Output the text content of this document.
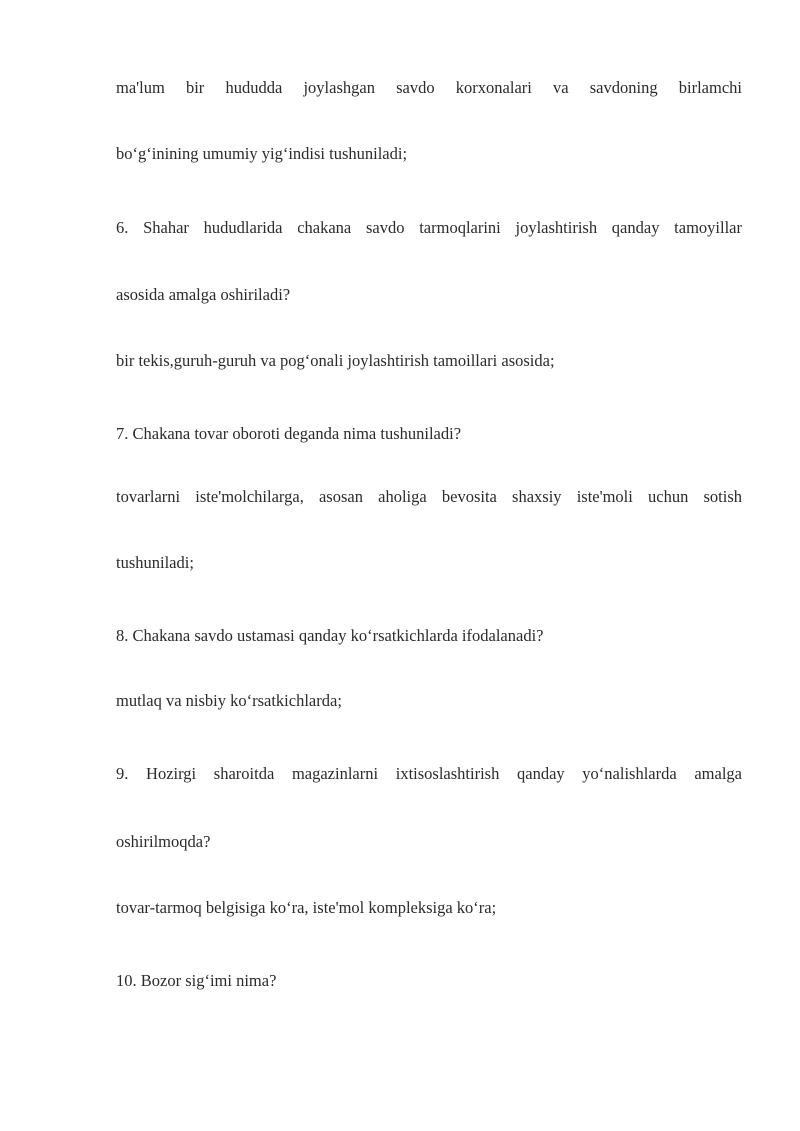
ma'lum bir hududda joylashgan savdo korxonalari va savdoning birlamchi
bo‘g‘inining umumiy yig‘indisi tushuniladi;
6. Shahar hududlarida chakana savdo tarmoqlarini joylashtirish qanday tamoyillar
asosida amalga oshiriladi?
bir tekis,guruh-guruh va pog‘onali joylashtirish tamoillari asosida;
7. Chakana tovar oboroti deganda nima tushuniladi?
tovarlarni iste'molchilarga, asosan aholiga bevosita shaxsiy iste'moli uchun sotish
tushuniladi;
8. Chakana savdo ustamasi qanday ko‘rsatkichlarda ifodalanadi?
mutlaq va nisbiy ko‘rsatkichlarda;
9. Hozirgi sharoitda magazinlarni ixtisoslashtirish qanday yo‘nalishlarda amalga
oshirilmoqda?
tovar-tarmoq belgisiga ko‘ra, iste'mol kompleksiga ko‘ra;
10. Bozor sig‘imi nima?
